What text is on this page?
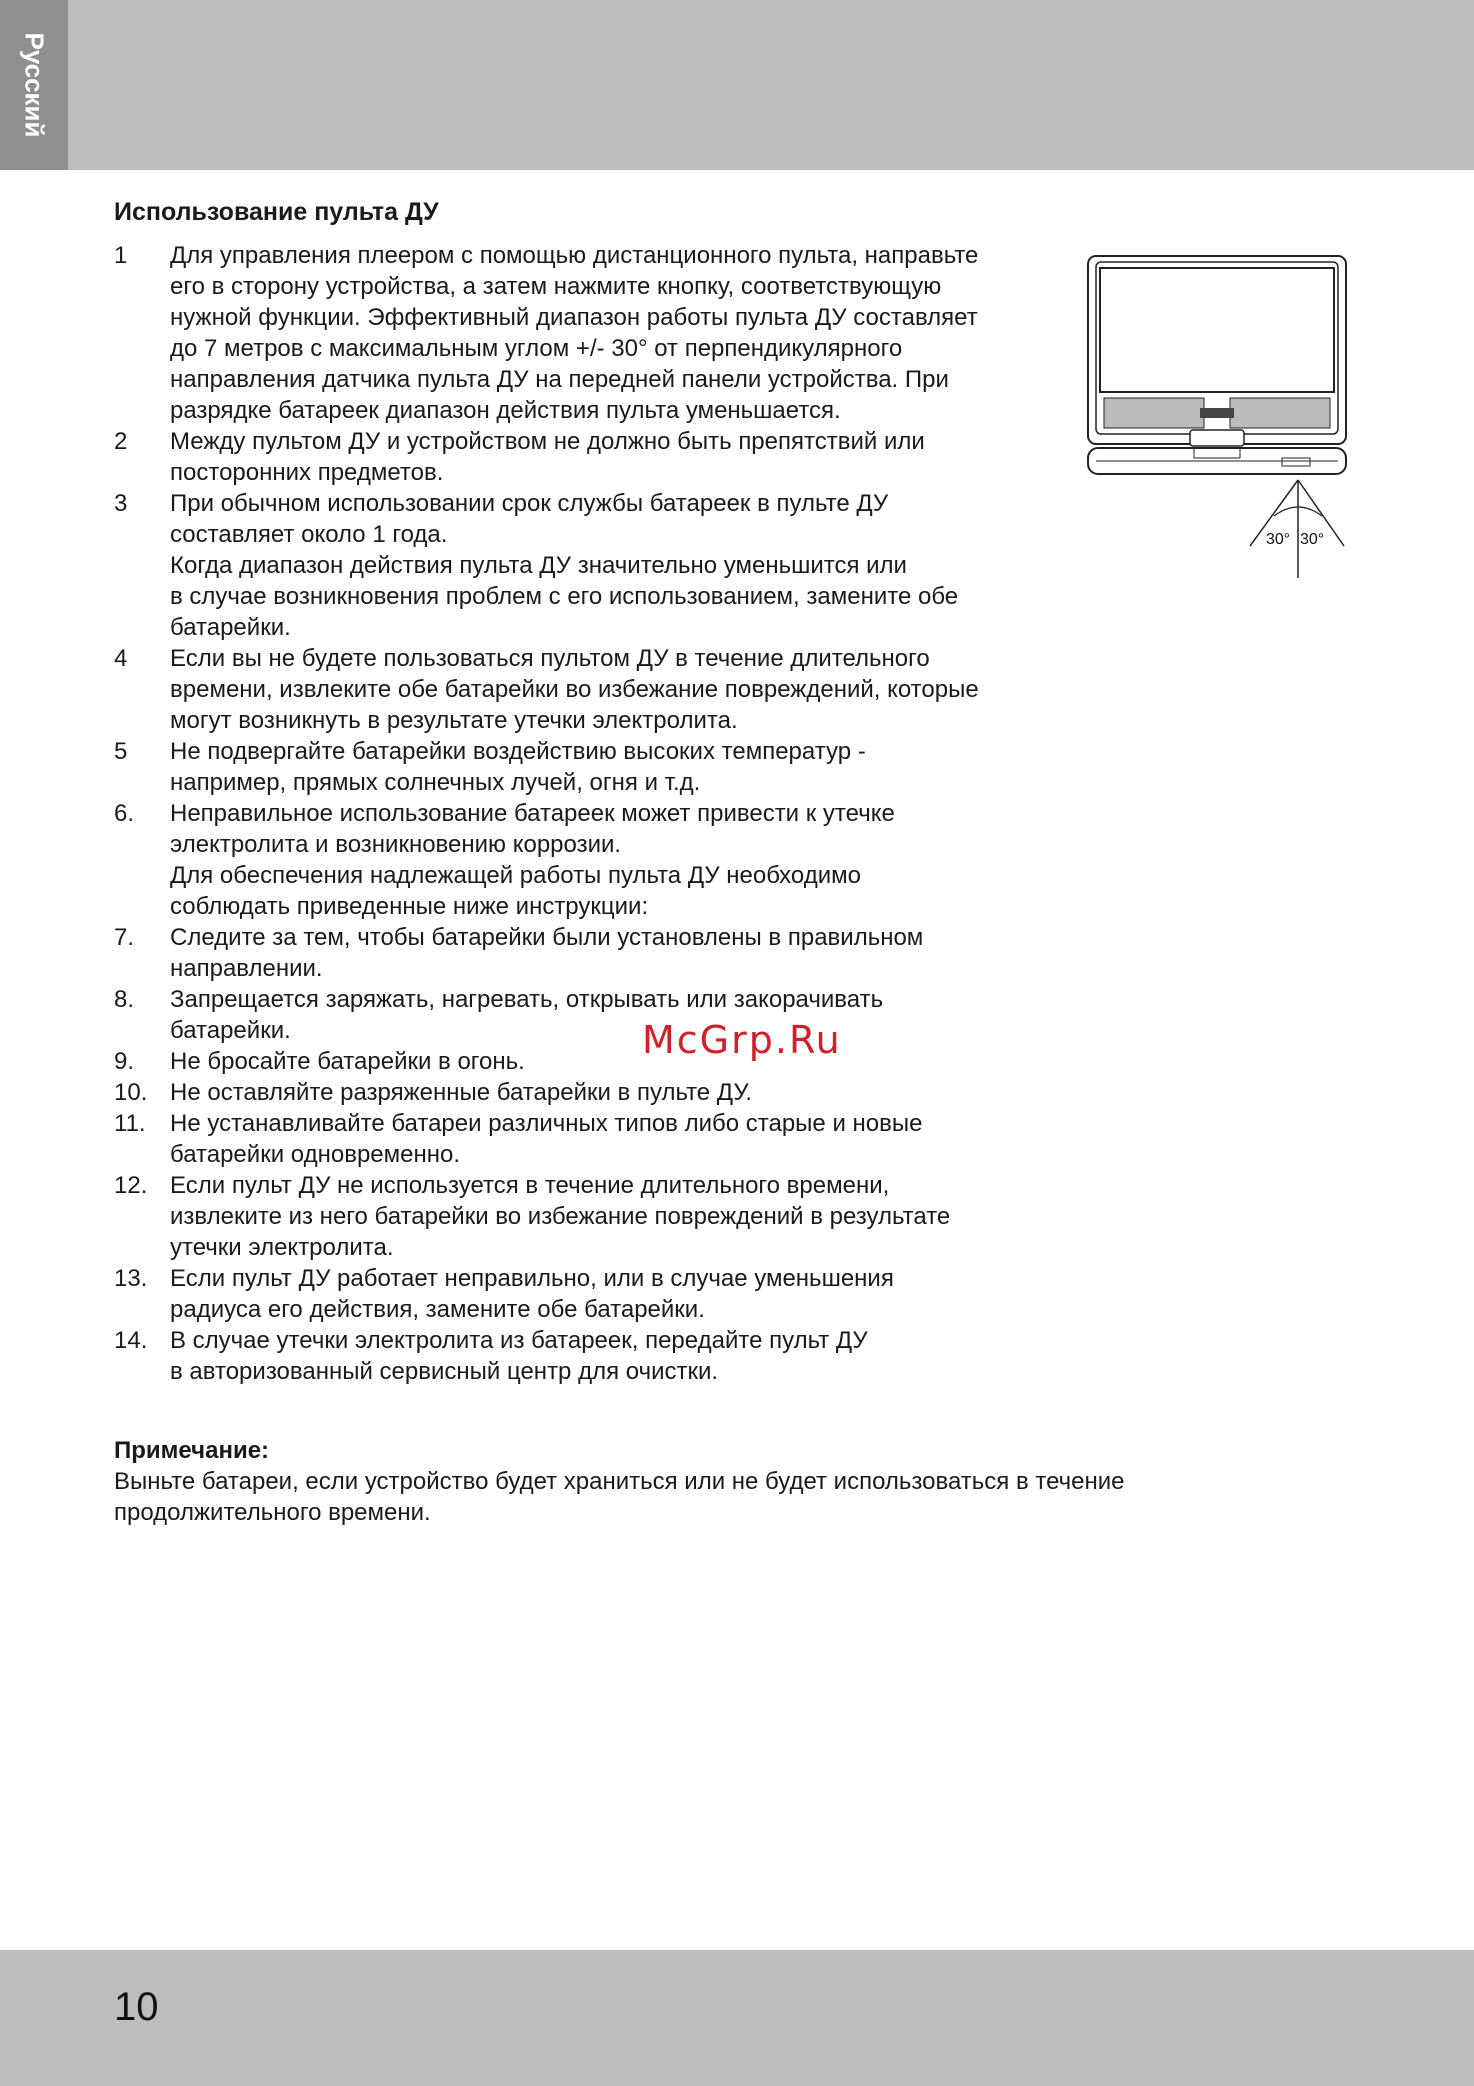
Русский
Использование пульта ДУ
1	Для управления плеером с помощью дистанционного пульта, направьте
его в сторону устройства, а затем нажмите кнопку, соответствующую
нужной функции. Эффективный диапазон работы пульта ДУ составляет
до 7 метров с максимальным углом +/- 30° от перпендикулярного
направления датчика пульта ДУ на передней панели устройства. При
разрядке батареек диапазон действия пульта уменьшается.
2	Между пультом ДУ и устройством не должно быть препятствий или
посторонних предметов.
3	При обычном использовании срок службы батареек в пульте ДУ
составляет около 1 года.
Когда диапазон действия пульта ДУ значительно уменьшится или
в случае возникновения проблем с его использованием, замените обе
батарейки.
4	Если вы не будете пользоваться пультом ДУ в течение длительного
времени, извлеките обе батарейки во избежание повреждений, которые
могут возникнуть в результате утечки электролита.
5	Не подвергайте батарейки воздействию высоких температур -
например, прямых солнечных лучей, огня и т.д.
6.	Неправильное использование батареек может привести к утечке
электролита и возникновению коррозии.
Для обеспечения надлежащей работы пульта ДУ необходимо
соблюдать приведенные ниже инструкции:
7.	Следите за тем, чтобы батарейки были установлены в правильном
направлении.
8.	Запрещается заряжать, нагревать, открывать или закорачивать
батарейки.
9.	Не бросайте батарейки в огонь.
10. Не оставляйте разряженные батарейки в пульте ДУ.
11.	Не устанавливайте батареи различных типов либо старые и новые
батарейки одновременно.
12. Если пульт ДУ не используется в течение длительного времени,
извлеките из него батарейки во избежание повреждений в результате
утечки электролита.
13. Если пульт ДУ работает неправильно, или в случае уменьшения
радиуса его действия, замените обе батарейки.
14. В случае утечки электролита из батареек, передайте пульт ДУ
в авторизованный сервисный центр для очистки.
Примечание:
Выньте батареи, если устройство будет храниться или не будет использоваться в течение продолжительного времени.
30° 30°
McGrp.Ru
10
